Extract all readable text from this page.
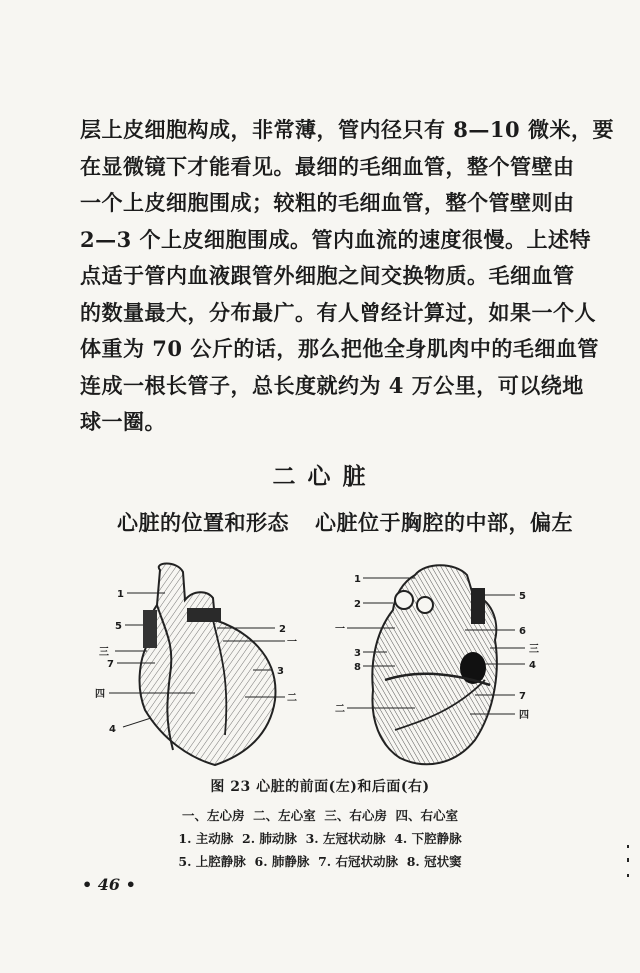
层上皮细胞构成，非常薄，管内径只有 8—10 微米，要
在显微镜下才能看见。最细的毛细血管，整个管壁由
一个上皮细胞围成；较粗的毛细血管，整个管壁则由
2—3 个上皮细胞围成。管内血流的速度很慢。上述特
点适于管内血液跟管外细胞之间交换物质。毛细血管
的数量最大，分布最广。有人曾经计算过，如果一个人
体重为 70 公斤的话，那么把他全身肌肉中的毛细血管
连成一根长管子，总长度就约为 4 万公里，可以绕地
球一圈。
二 心 脏
心脏的位置和形态 心脏位于胸腔的中部，偏左
1
5
三
7
四
4
2
一
3
二
1
2
一
3
8
二
5
6
三
4
7
四
图 23 心脏的前面(左)和后面(右)
一、左心房  二、左心室  三、右心房  四、右心室
1. 主动脉  2. 肺动脉  3. 左冠状动脉  4. 下腔静脉
5. 上腔静脉  6. 肺静脉  7. 右冠状动脉  8. 冠状窦
• 46 •
